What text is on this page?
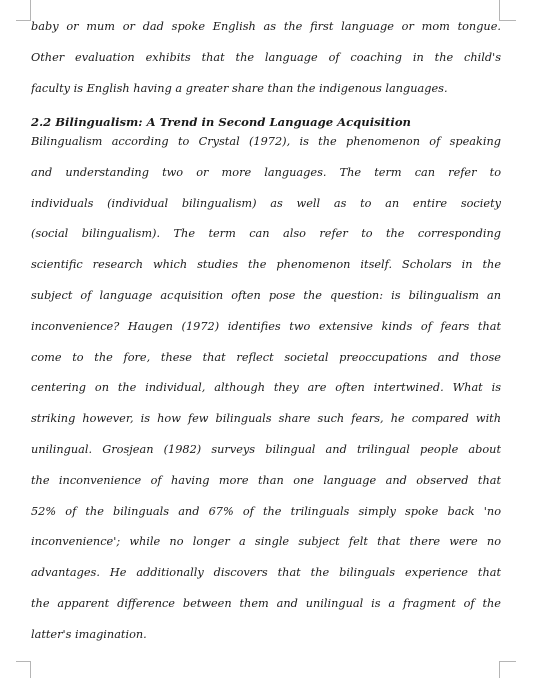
baby or mum or dad spoke English as the first language or mom tongue.
Other evaluation exhibits that the language of coaching in the child's
faculty is English having a greater share than the indigenous languages.
2.2 Bilingualism: A Trend in Second Language Acquisition
Bilingualism according to Crystal (1972), is the phenomenon of speaking
and understanding two or more languages. The term can refer to
individuals (individual bilingualism) as well as to an entire society
(social bilingualism). The term can also refer to the corresponding
scientific research which studies the phenomenon itself. Scholars in the
subject of language acquisition often pose the question: is bilingualism an
inconvenience? Haugen (1972) identifies two extensive kinds of fears that
come to the fore, these that reflect societal preoccupations and those
centering on the individual, although they are often intertwined. What is
striking however, is how few bilinguals share such fears, he compared with
unilingual. Grosjean (1982) surveys bilingual and trilingual people about
the inconvenience of having more than one language and observed that
52% of the bilinguals and 67% of the trilinguals simply spoke back 'no
inconvenience'; while no longer a single subject felt that there were no
advantages. He additionally discovers that the bilinguals experience that
the apparent difference between them and unilingual is a fragment of the
latter's imagination.
